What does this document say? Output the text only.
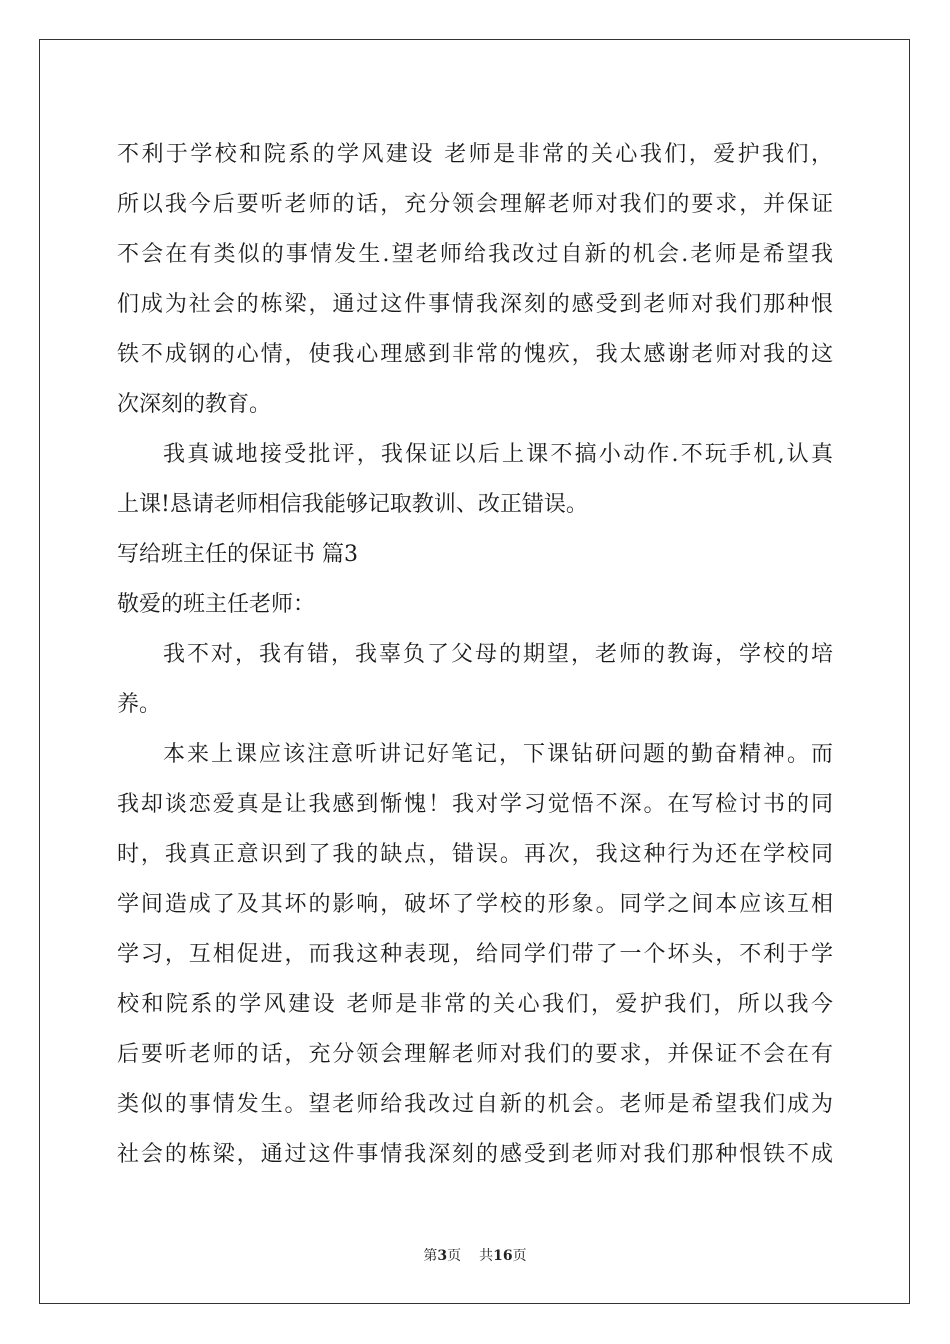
不利于学校和院系的学风建设 老师是非常的关心我们，爱护我们，
所以我今后要听老师的话，充分领会理解老师对我们的要求，并保证
不会在有类似的事情发生.望老师给我改过自新的机会.老师是希望我
们成为社会的栋梁，通过这件事情我深刻的感受到老师对我们那种恨
铁不成钢的心情，使我心理感到非常的愧疚，我太感谢老师对我的这
次深刻的教育。
我真诚地接受批评，我保证以后上课不搞小动作.不玩手机,认真
上课!恳请老师相信我能够记取教训、改正错误。
写给班主任的保证书 篇3
敬爱的班主任老师：
我不对，我有错，我辜负了父母的期望，老师的教诲，学校的培
养。
本来上课应该注意听讲记好笔记，下课钻研问题的勤奋精神。而
我却谈恋爱真是让我感到惭愧！我对学习觉悟不深。在写检讨书的同
时，我真正意识到了我的缺点，错误。再次，我这种行为还在学校同
学间造成了及其坏的影响，破坏了学校的形象。同学之间本应该互相
学习，互相促进，而我这种表现，给同学们带了一个坏头，不利于学
校和院系的学风建设 老师是非常的关心我们，爱护我们，所以我今
后要听老师的话，充分领会理解老师对我们的要求，并保证不会在有
类似的事情发生。望老师给我改过自新的机会。老师是希望我们成为
社会的栋梁，通过这件事情我深刻的感受到老师对我们那种恨铁不成
第3页 共16页
